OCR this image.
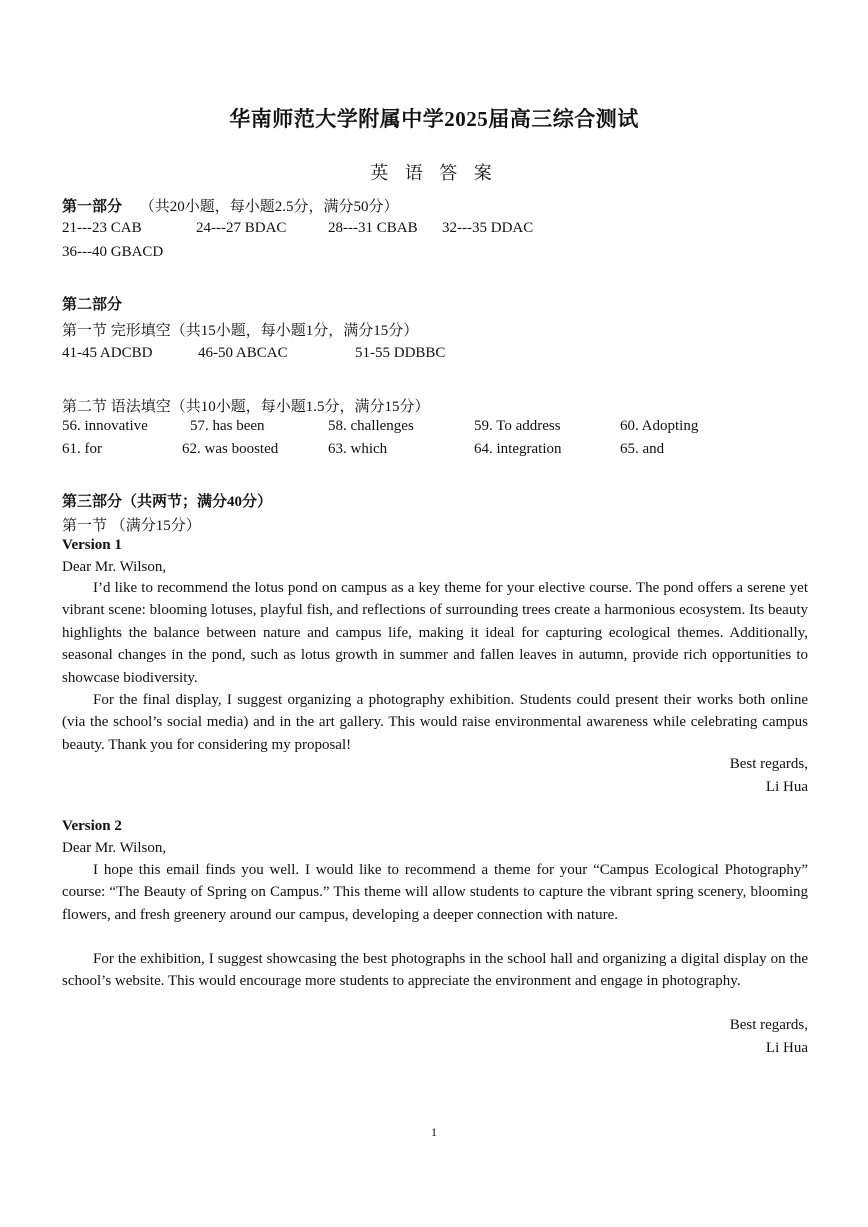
华南师范大学附属中学2025届高三综合测试
英 语 答 案
第一部分 （共20小题，每小题2.5分，满分50分）
21---23 CAB	24---27 BDAC	28---31 CBAB 32---35 DDAC
36---40 GBACD
第二部分
第一节 完形填空（共15小题，每小题1分，满分15分）
41-45 ADCBD	46-50 ABCAC	51-55 DDBBC
第二节 语法填空（共10小题，每小题1.5分，满分15分）
56. innovative	57. has been	58. challenges	59. To address	60. Adopting
61. for	62. was boosted	63. which	64. integration	65. and
第三部分（共两节；满分40分）
第一节 （满分15分）
Version 1
Dear Mr. Wilson,

I’d like to recommend the lotus pond on campus as a key theme for your elective course. The pond offers a serene yet vibrant scene: blooming lotuses, playful fish, and reflections of surrounding trees create a harmonious ecosystem. Its beauty highlights the balance between nature and campus life, making it ideal for capturing ecological themes. Additionally, seasonal changes in the pond, such as lotus growth in summer and fallen leaves in autumn, provide rich opportunities to showcase biodiversity.

For the final display, I suggest organizing a photography exhibition. Students could present their works both online (via the school’s social media) and in the art gallery. This would raise environmental awareness while celebrating campus beauty. Thank you for considering my proposal!

Best regards,
Li Hua
Version 2
Dear Mr. Wilson,

I hope this email finds you well. I would like to recommend a theme for your “Campus Ecological Photography” course: “The Beauty of Spring on Campus.” This theme will allow students to capture the vibrant spring scenery, blooming flowers, and fresh greenery around our campus, developing a deeper connection with nature.

For the exhibition, I suggest showcasing the best photographs in the school hall and organizing a digital display on the school’s website. This would encourage more students to appreciate the environment and engage in photography.

Best regards,
Li Hua
1
